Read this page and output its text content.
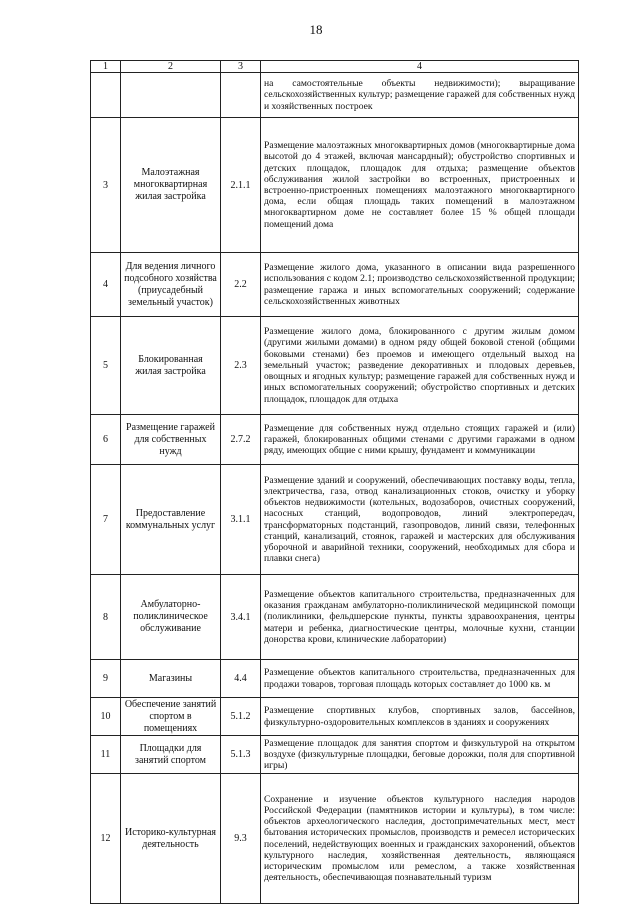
18
1	2	3	4
			на самостоятельные объекты недвижимости); выращивание сельскохозяйственных культур; размещение гаражей для собственных нужд и хозяйственных построек
3	Малоэтажная многоквартирная жилая застройка	2.1.1	Размещение малоэтажных многоквартирных домов (многоквартирные дома высотой до 4 этажей, включая мансардный); обустройство спортивных и детских площадок, площадок для отдыха; размещение объектов обслуживания жилой застройки во встроенных, пристроенных и встроенно-пристроенных помещениях малоэтажного многоквартирного дома, если общая площадь таких помещений в малоэтажном многоквартирном доме не составляет более 15 % общей площади помещений дома
4	Для ведения личного подсобного хозяйства (приусадебный земельный участок)	2.2	Размещение жилого дома, указанного в описании вида разрешенного использования с кодом 2.1; производство сельскохозяйственной продукции; размещение гаража и иных вспомогательных сооружений; содержание сельскохозяйственных животных
5	Блокированная жилая застройка	2.3	Размещение жилого дома, блокированного с другим жилым домом (другими жилыми домами) в одном ряду общей боковой стеной (общими боковыми стенами) без проемов и имеющего отдельный выход на земельный участок; разведение декоративных и плодовых деревьев, овощных и ягодных культур; размещение гаражей для собственных нужд и иных вспомогательных сооружений; обустройство спортивных и детских площадок, площадок для отдыха
6	Размещение гаражей для собственных нужд	2.7.2	Размещение для собственных нужд отдельно стоящих гаражей и (или) гаражей, блокированных общими стенами с другими гаражами в одном ряду, имеющих общие с ними крышу, фундамент и коммуникации
7	Предоставление коммунальных услуг	3.1.1	Размещение зданий и сооружений, обеспечивающих поставку воды, тепла, электричества, газа, отвод канализационных стоков, очистку и уборку объектов недвижимости (котельных, водозаборов, очистных сооружений, насосных станций, водопроводов, линий электропередач, трансформаторных подстанций, газопроводов, линий связи, телефонных станций, канализаций, стоянок, гаражей и мастерских для обслуживания уборочной и аварийной техники, сооружений, необходимых для сбора и плавки снега)
8	Амбулаторно-поликлиническое обслуживание	3.4.1	Размещение объектов капитального строительства, предназначенных для оказания гражданам амбулаторно-поликлинической медицинской помощи (поликлиники, фельдшерские пункты, пункты здравоохранения, центры матери и ребенка, диагностические центры, молочные кухни, станции донорства крови, клинические лаборатории)
9	Магазины	4.4	Размещение объектов капитального строительства, предназначенных для продажи товаров, торговая площадь которых составляет до 1000 кв. м
10	Обеспечение занятий спортом в помещениях	5.1.2	Размещение спортивных клубов, спортивных залов, бассейнов, физкультурно-оздоровительных комплексов в зданиях и сооружениях
11	Площадки для занятий спортом	5.1.3	Размещение площадок для занятия спортом и физкультурой на открытом воздухе (физкультурные площадки, беговые дорожки, поля для спортивной игры)
12	Историко-культурная деятельность	9.3	Сохранение и изучение объектов культурного наследия народов Российской Федерации (памятников истории и культуры), в том числе: объектов археологического наследия, достопримечательных мест, мест бытования исторических промыслов, производств и ремесел исторических поселений, недействующих военных и гражданских захоронений, объектов культурного наследия, хозяйственная деятельность, являющаяся историческим промыслом или ремеслом, а также хозяйственная деятельность, обеспечивающая познавательный туризм
